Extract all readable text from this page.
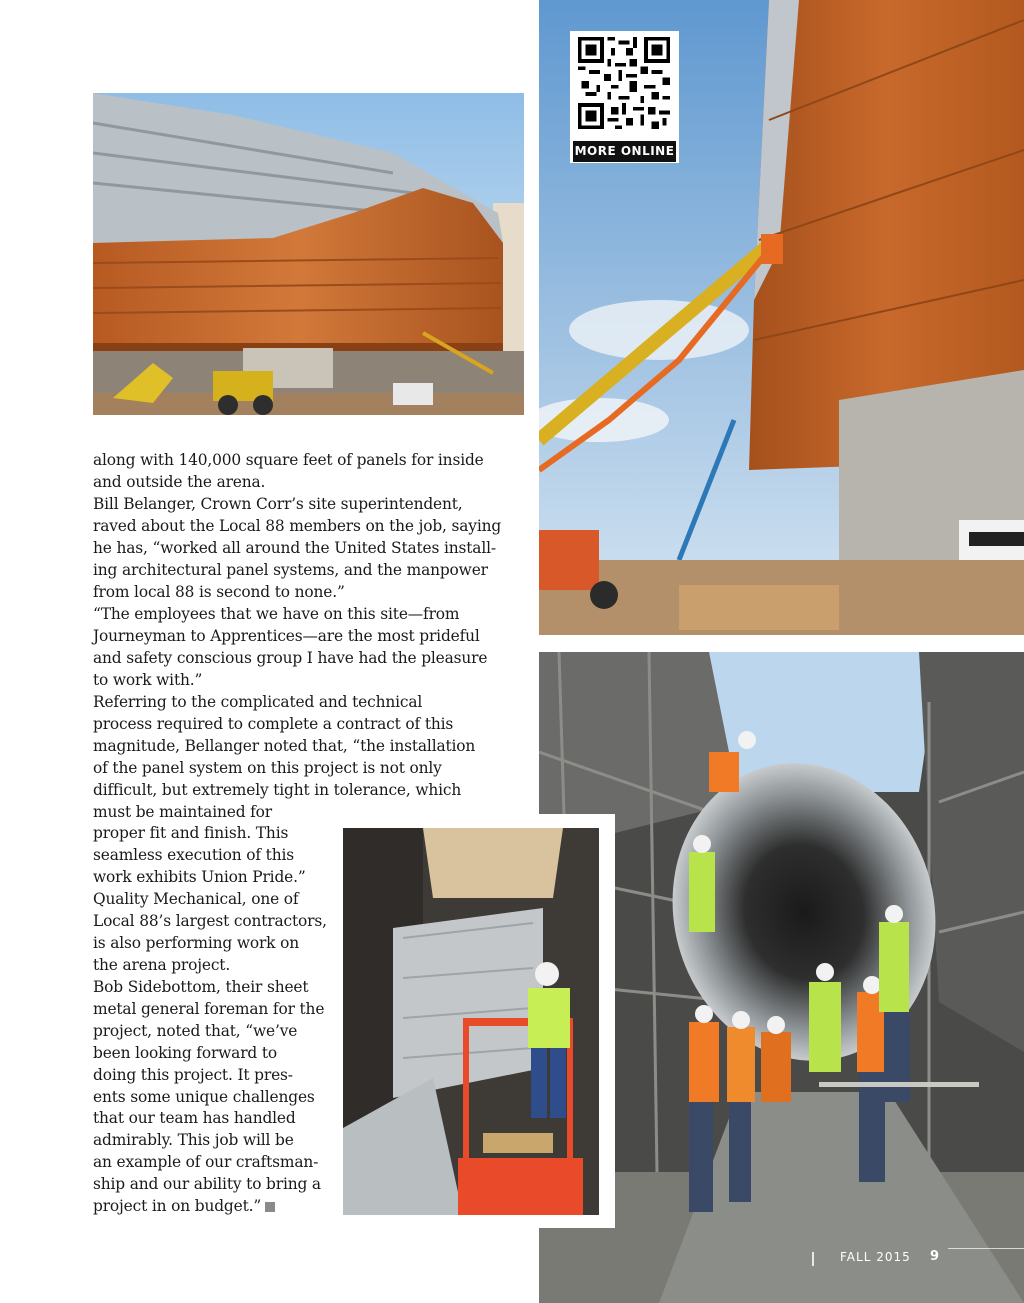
MORE ONLINE

along with 140,000 square feet of panels for inside
and outside the arena.

Bill Belanger, Crown Corr’s site superintendent,
raved about the Local 88 members on the job, saying
he has, “worked all around the United States install-
ing architectural panel systems, and the manpower
from local 88 is second to none.”

“The employees that we have on this site—from
Journeyman to Apprentices—are the most prideful
and safety conscious group I have had the pleasure
to work with.”

Referring to the complicated and technical
process required to complete a contract of this
magnitude, Bellanger noted that, “the installation
of the panel system on this project is not only
difficult, but extremely tight in tolerance, which
must be maintained for
proper fit and finish. This
seamless execution of this
work exhibits Union Pride.”

Quality Mechanical, one of
Local 88’s largest contractors,
is also performing work on
the arena project.

Bob Sidebottom, their sheet
metal general foreman for the
project, noted that, “we’ve
been looking forward to
doing this project. It pres-
ents some unique challenges
that our team has handled
admirably. This job will be
an example of our craftsman-
ship and our ability to bring a
project in on budget.”
FALL 2015 9
